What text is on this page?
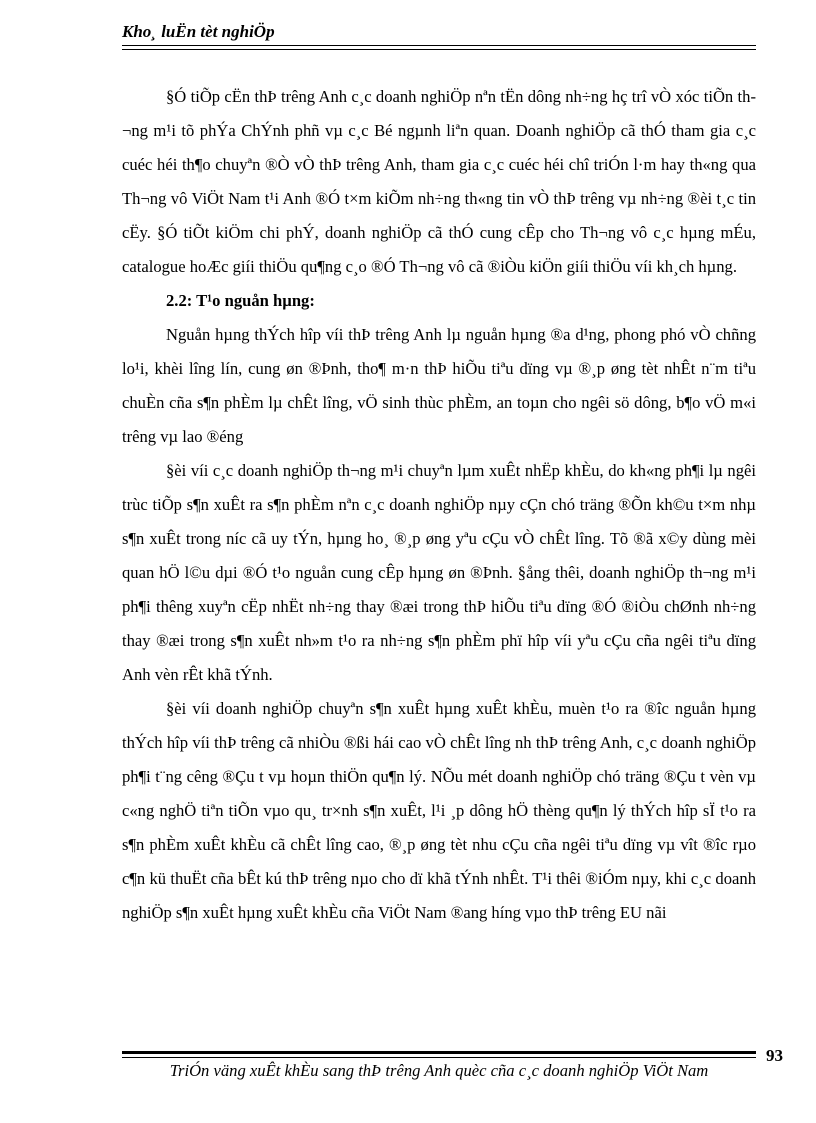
Kho¸ luËn tèt nghiÖp

§Ó tiÕp cËn thÞ trêng Anh c¸c doanh nghiÖp nªn tËn dông nh÷ng hç trî vÒ xóc tiÕn th¬ng m¹i tõ phÝa ChÝnh phñ vµ c¸c Bé ngµnh liªn quan. Doanh nghiÖp cã thÓ tham gia c¸c cuéc héi th¶o chuyªn ®Ò vÒ thÞ trêng Anh, tham gia c¸c cuéc héi chî triÓn l·m hay th«ng qua Th¬ng vô ViÖt Nam t¹i Anh ®Ó t×m kiÕm nh÷ng th«ng tin vÒ thÞ trêng vµ nh÷ng ®èi t¸c tin cËy. §Ó tiÕt kiÖm chi phÝ, doanh nghiÖp cã thÓ cung cÊp cho Th¬ng vô c¸c hµng mÉu, catalogue hoÆc giíi thiÖu qu¶ng c¸o ®Ó Th¬ng vô cã ®iÒu kiÖn giíi thiÖu víi kh¸ch hµng.

2.2: T¹o nguån hµng:

Nguån hµng thÝch hîp víi thÞ trêng Anh lµ nguån hµng ®a d¹ng, phong phó vÒ chñng lo¹i, khèi lîng lín, cung øn ®Þnh, tho¶ m·n thÞ hiÕu tiªu dïng vµ ®¸p øng tèt nhÊt n¨m tiªu chuÈn cña s¶n phÈm lµ chÊt lîng, vÖ sinh thùc phÈm, an toµn cho ngêi sö dông, b¶o vÖ m«i trêng vµ lao ®éng

§èi víi c¸c doanh nghiÖp th¬ng m¹i chuyªn lµm xuÊt nhËp khÈu, do kh«ng ph¶i lµ ngêi trùc tiÕp s¶n xuÊt ra s¶n phÈm nªn c¸c doanh nghiÖp nµy cÇn chó träng ®Õn kh©u t×m nhµ s¶n xuÊt trong níc cã uy tÝn, hµng ho¸ ®¸p øng yªu cÇu vÒ chÊt lîng. Tõ ®ã x©y dùng mèi quan hÖ l©u dµi ®Ó t¹o nguån cung cÊp hµng øn ®Þnh. §ång thêi, doanh nghiÖp th¬ng m¹i ph¶i thêng xuyªn cËp nhËt nh÷ng thay ®æi trong thÞ hiÕu tiªu dïng ®Ó ®iÒu chØnh nh÷ng thay ®æi trong s¶n xuÊt nh»m t¹o ra nh÷ng s¶n phÈm phï hîp víi yªu cÇu cña ngêi tiªu dïng Anh vèn rÊt khã tÝnh.

§èi víi doanh nghiÖp chuyªn s¶n xuÊt hµng xuÊt khÈu, muèn t¹o ra ®îc nguån hµng thÝch hîp víi thÞ trêng cã nhiÒu ®ßi hái cao vÒ chÊt lîng nh thÞ trêng Anh, c¸c doanh nghiÖp ph¶i t¨ng cêng ®Çu t vµ hoµn thiÖn qu¶n lý. NÕu mét doanh nghiÖp chó träng ®Çu t vèn vµ c«ng nghÖ tiªn tiÕn vµo qu¸ tr×nh s¶n xuÊt, l¹i ¸p dông hÖ thèng qu¶n lý thÝch hîp sÏ t¹o ra s¶n phÈm xuÊt khÈu cã chÊt lîng cao, ®¸p øng tèt nhu cÇu cña ngêi tiªu dïng vµ vît ®îc rµo c¶n kü thuËt cña bÊt kú thÞ trêng nµo cho dï khã tÝnh nhÊt. T¹i thêi ®iÓm nµy, khi c¸c doanh nghiÖp s¶n xuÊt hµng xuÊt khÈu cña ViÖt Nam ®ang híng vµo thÞ trêng EU nãi

93
TriÓn väng xuÊt khÈu sang thÞ trêng Anh quèc cña c¸c doanh nghiÖp ViÖt Nam
